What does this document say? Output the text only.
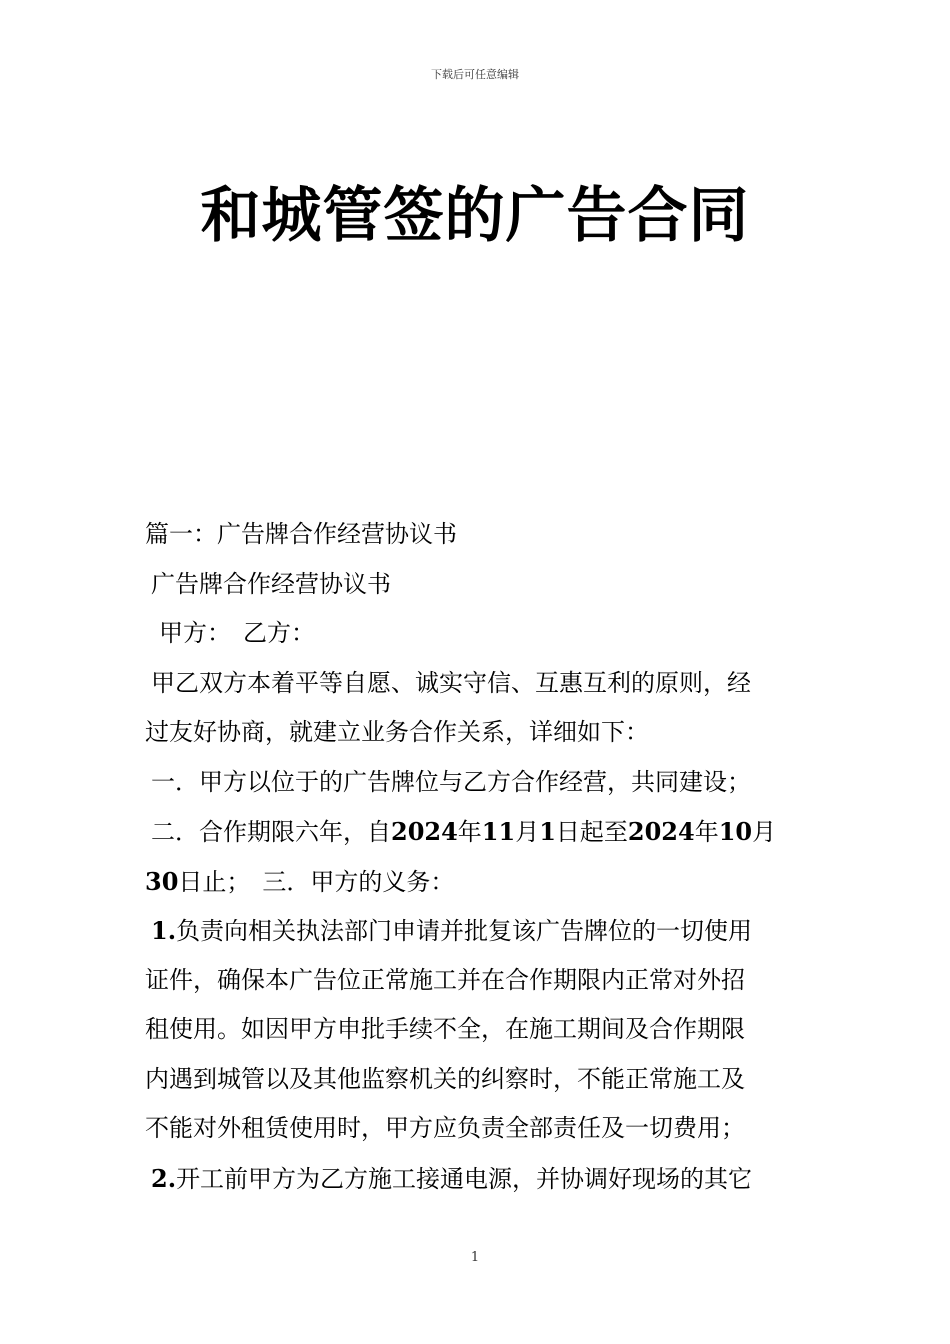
下载后可任意编辑
和城管签的广告合同
篇一：广告牌合作经营协议书
广告牌合作经营协议书
甲方：　乙方：
甲乙双方本着平等自愿、诚实守信、互惠互利的原则，经
过友好协商，就建立业务合作关系，详细如下：
一．甲方以位于的广告牌位与乙方合作经营，共同建设；
二．合作期限六年，自2024年11月1日起至2024年10月
30日止；　三．甲方的义务：
1.负责向相关执法部门申请并批复该广告牌位的一切使用
证件，确保本广告位正常施工并在合作期限内正常对外招
租使用。如因甲方申批手续不全，在施工期间及合作期限
内遇到城管以及其他监察机关的纠察时，不能正常施工及
不能对外租赁使用时，甲方应负责全部责任及一切费用；
2.开工前甲方为乙方施工接通电源，并协调好现场的其它
1
